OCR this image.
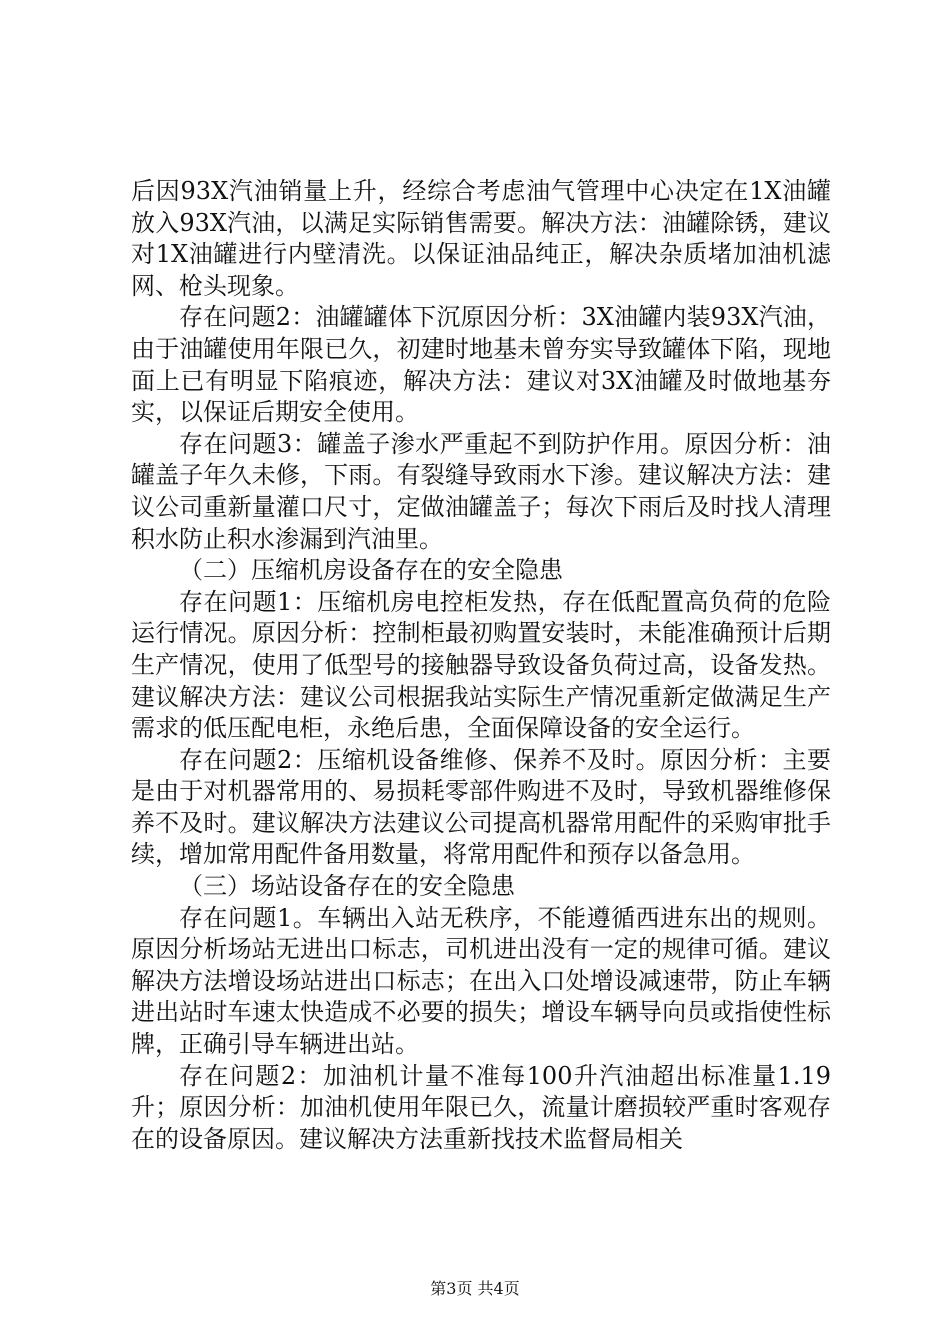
后因93X汽油销量上升，经综合考虑油气管理中心决定在1X油罐放入93X汽油，以满足实际销售需要。解决方法：油罐除锈，建议对1X油罐进行内壁清洗。以保证油品纯正，解决杂质堵加油机滤网、枪头现象。

存在问题2：油罐罐体下沉原因分析：3X油罐内装93X汽油，由于油罐使用年限已久，初建时地基未曾夯实导致罐体下陷，现地面上已有明显下陷痕迹，解决方法：建议对3X油罐及时做地基夯实，以保证后期安全使用。

存在问题3：罐盖子渗水严重起不到防护作用。原因分析：油罐盖子年久未修，下雨。有裂缝导致雨水下渗。建议解决方法：建议公司重新量灌口尺寸，定做油罐盖子；每次下雨后及时找人清理积水防止积水渗漏到汽油里。

（二）压缩机房设备存在的安全隐患

存在问题1：压缩机房电控柜发热，存在低配置高负荷的危险运行情况。原因分析：控制柜最初购置安装时，未能准确预计后期生产情况，使用了低型号的接触器导致设备负荷过高，设备发热。建议解决方法：建议公司根据我站实际生产情况重新定做满足生产需求的低压配电柜，永绝后患，全面保障设备的安全运行。

存在问题2：压缩机设备维修、保养不及时。原因分析：主要是由于对机器常用的、易损耗零部件购进不及时，导致机器维修保养不及时。建议解决方法建议公司提高机器常用配件的采购审批手续，增加常用配件备用数量，将常用配件和预存以备急用。

（三）场站设备存在的安全隐患

存在问题1。车辆出入站无秩序，不能遵循西进东出的规则。原因分析场站无进出口标志，司机进出没有一定的规律可循。建议解决方法增设场站进出口标志；在出入口处增设减速带，防止车辆进出站时车速太快造成不必要的损失；增设车辆导向员或指使性标牌，正确引导车辆进出站。

存在问题2：加油机计量不准每100升汽油超出标准量1.19升；原因分析：加油机使用年限已久，流量计磨损较严重时客观存在的设备原因。建议解决方法重新找技术监督局相关

第3页 共4页
